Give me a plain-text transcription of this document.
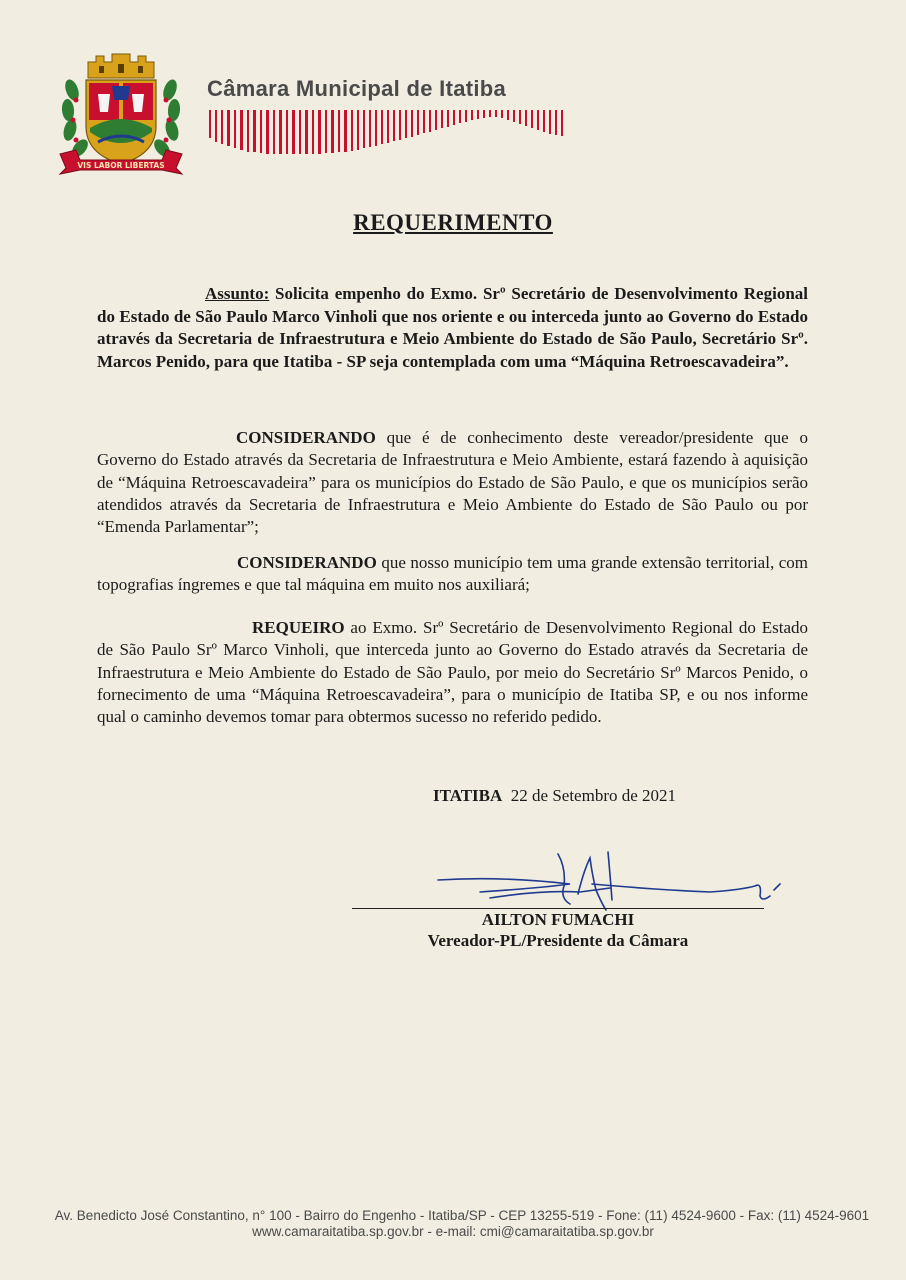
VIS LABOR LIBERTAS
Câmara Municipal de Itatiba
REQUERIMENTO
Assunto: Solicita empenho do Exmo. Srº Secretário de Desenvolvimento Regional do Estado de São Paulo Marco Vinholi que nos oriente e ou interceda junto ao Governo do Estado através da Secretaria de Infraestrutura e Meio Ambiente do Estado de São Paulo, Secretário Srº. Marcos Penido, para que Itatiba - SP seja contemplada com uma “Máquina Retroescavadeira”.
CONSIDERANDO que é de conhecimento deste vereador/presidente que o Governo do Estado através da Secretaria de Infraestrutura e Meio Ambiente, estará fazendo à aquisição de “Máquina Retroescavadeira” para os municípios do Estado de São Paulo, e que os municípios serão atendidos através da Secretaria de Infraestrutura e Meio Ambiente do Estado de São Paulo ou por “Emenda Parlamentar”;
CONSIDERANDO que nosso município tem uma grande extensão territorial, com topografias íngremes e que tal máquina em muito nos auxiliará;
REQUEIRO ao Exmo. Srº Secretário de Desenvolvimento Regional do Estado de São Paulo Srº Marco Vinholi, que interceda junto ao Governo do Estado através da Secretaria de Infraestrutura e Meio Ambiente do Estado de São Paulo, por meio do Secretário Srº Marcos Penido, o fornecimento de uma “Máquina Retroescavadeira”, para o município de Itatiba SP, e ou nos informe qual o caminho devemos tomar para obtermos sucesso no referido pedido.
ITATIBA 22 de Setembro de 2021
AILTON FUMACHI
Vereador-PL/Presidente da Câmara
Av. Benedicto José Constantino, n° 100 - Bairro do Engenho - Itatiba/SP - CEP 13255-519 - Fone: (11) 4524-9600 - Fax: (11) 4524-9601
www.camaraitatiba.sp.gov.br - e-mail: cmi@camaraitatiba.sp.gov.br
